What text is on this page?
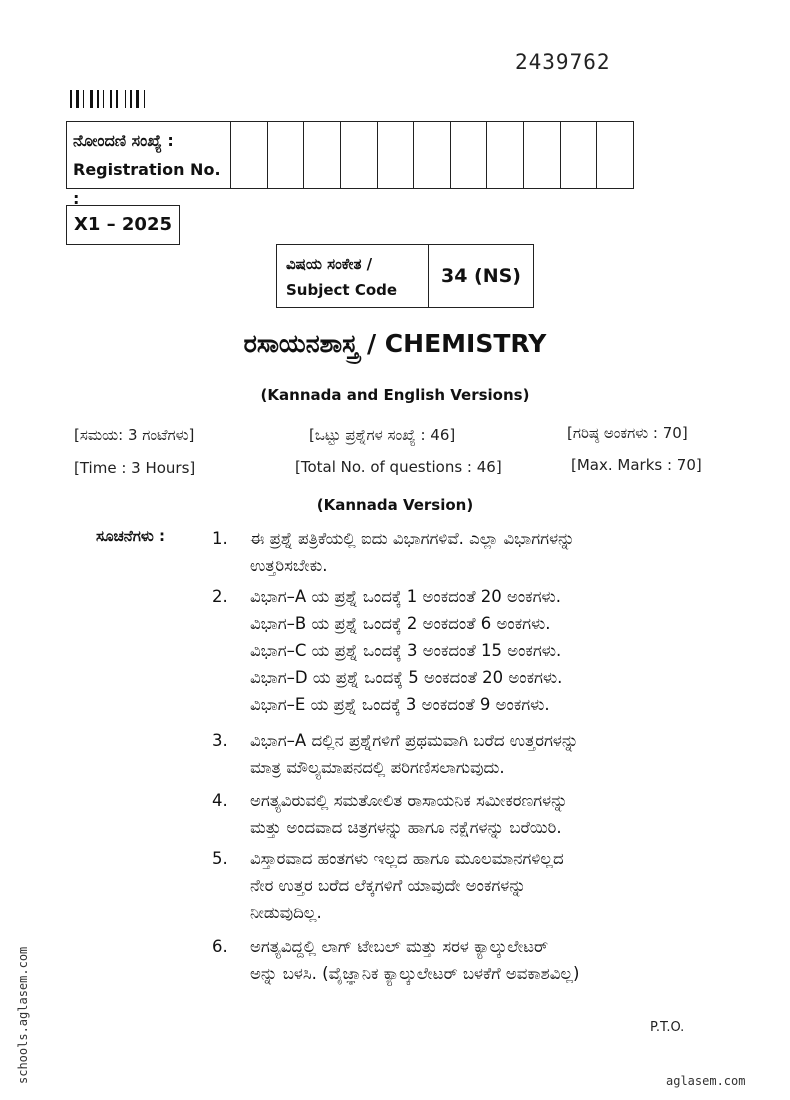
2439762
ನೋಂದಣಿ ಸಂಖ್ಯೆ :
Registration No. :
X1 – 2025
ವಿಷಯ ಸಂಕೇತ /
Subject Code
34 (NS)
ರಸಾಯನಶಾಸ್ತ್ರ / CHEMISTRY
(Kannada and English Versions)
[ಸಮಯ: 3 ಗಂಟೆಗಳು]	[ಒಟ್ಟು ಪ್ರಶ್ನೆಗಳ ಸಂಖ್ಯೆ : 46]	[ಗರಿಷ್ಠ ಅಂಕಗಳು : 70]
[Time : 3 Hours]	[Total No. of questions : 46]	[Max. Marks : 70]
(Kannada Version)
ಸೂಚನೆಗಳು :	1.	ಈ ಪ್ರಶ್ನೆ ಪತ್ರಿಕೆಯಲ್ಲಿ ಐದು ವಿಭಾಗಗಳಿವೆ. ಎಲ್ಲಾ ವಿಭಾಗಗಳನ್ನು
ಉತ್ತರಿಸಬೇಕು.
2.	ವಿಭಾಗ–A ಯ ಪ್ರಶ್ನೆ ಒಂದಕ್ಕೆ 1 ಅಂಕದಂತೆ 20 ಅಂಕಗಳು.
ವಿಭಾಗ–B ಯ ಪ್ರಶ್ನೆ ಒಂದಕ್ಕೆ 2 ಅಂಕದಂತೆ 6 ಅಂಕಗಳು.
ವಿಭಾಗ–C ಯ ಪ್ರಶ್ನೆ ಒಂದಕ್ಕೆ 3 ಅಂಕದಂತೆ 15 ಅಂಕಗಳು.
ವಿಭಾಗ–D ಯ ಪ್ರಶ್ನೆ ಒಂದಕ್ಕೆ 5 ಅಂಕದಂತೆ 20 ಅಂಕಗಳು.
ವಿಭಾಗ–E ಯ ಪ್ರಶ್ನೆ ಒಂದಕ್ಕೆ 3 ಅಂಕದಂತೆ 9 ಅಂಕಗಳು.
3.	ವಿಭಾಗ–A ದಲ್ಲಿನ ಪ್ರಶ್ನೆಗಳಿಗೆ ಪ್ರಥಮವಾಗಿ ಬರೆದ ಉತ್ತರಗಳನ್ನು
ಮಾತ್ರ ಮೌಲ್ಯಮಾಪನದಲ್ಲಿ ಪರಿಗಣಿಸಲಾಗುವುದು.
4.	ಅಗತ್ಯವಿರುವಲ್ಲಿ ಸಮತೋಲಿತ ರಾಸಾಯನಿಕ ಸಮೀಕರಣಗಳನ್ನು
ಮತ್ತು ಅಂದವಾದ ಚಿತ್ರಗಳನ್ನು ಹಾಗೂ ನಕ್ಷೆಗಳನ್ನು ಬರೆಯಿರಿ.
5.	ವಿಸ್ತಾರವಾದ ಹಂತಗಳು ಇಲ್ಲದ ಹಾಗೂ ಮೂಲಮಾನಗಳಿಲ್ಲದ
ನೇರ ಉತ್ತರ ಬರೆದ ಲೆಕ್ಕಗಳಿಗೆ ಯಾವುದೇ ಅಂಕಗಳನ್ನು
ನೀಡುವುದಿಲ್ಲ.
6.	ಅಗತ್ಯವಿದ್ದಲ್ಲಿ ಲಾಗ್ ಟೇಬಲ್ ಮತ್ತು ಸರಳ ಕ್ಯಾಲ್ಕುಲೇಟರ್
ಅನ್ನು ಬಳಸಿ. (ವೈಜ್ಞಾನಿಕ ಕ್ಯಾಲ್ಕುಲೇಟರ್ ಬಳಕೆಗೆ ಅವಕಾಶವಿಲ್ಲ)
P.T.O.
schools.aglasem.com	aglasem.com
